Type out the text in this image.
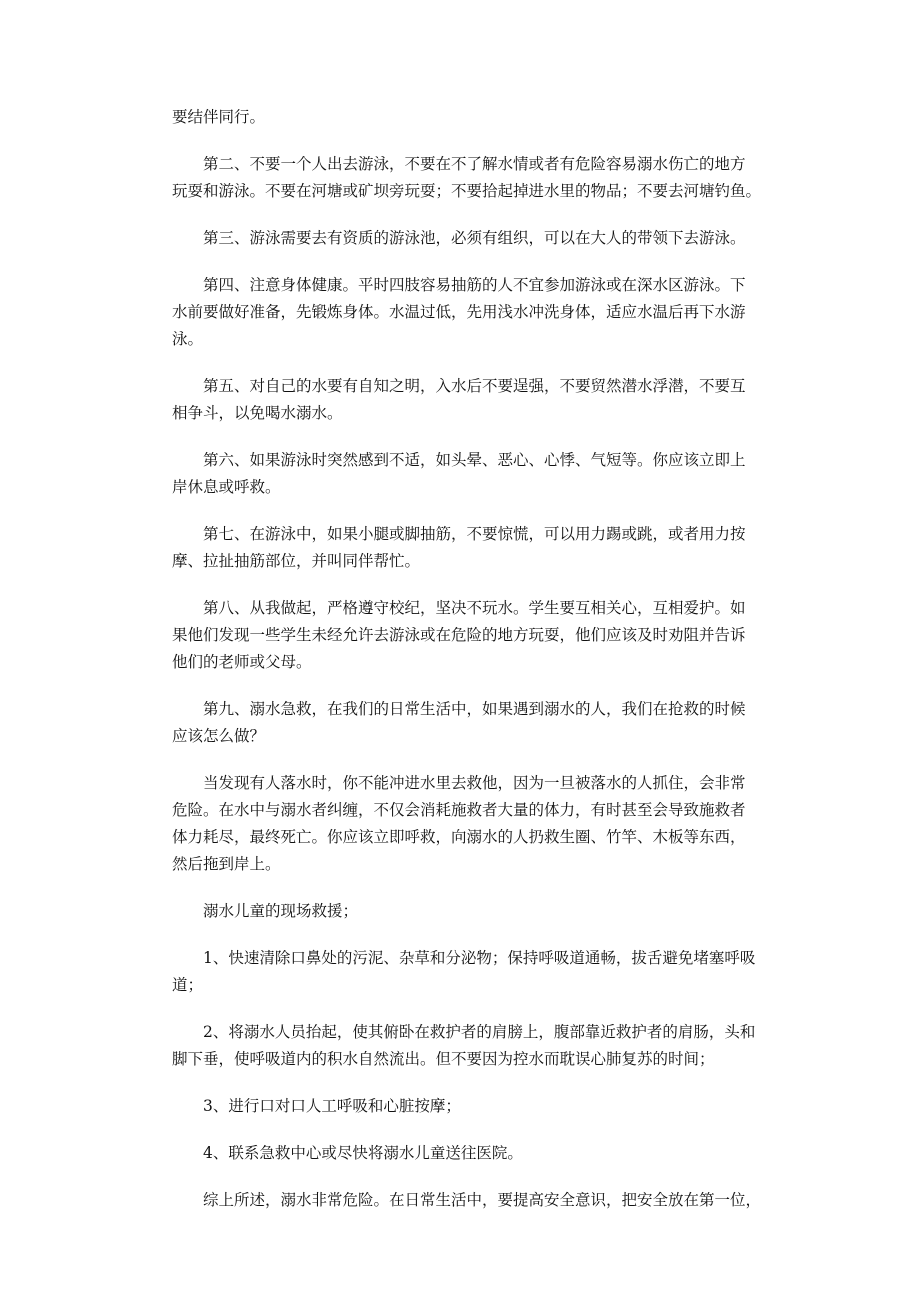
要结伴同行。

第二、不要一个人出去游泳，不要在不了解水情或者有危险容易溺水伤亡的地方
玩耍和游泳。不要在河塘或矿坝旁玩耍；不要拾起掉进水里的物品；不要去河塘钓鱼。

第三、游泳需要去有资质的游泳池，必须有组织，可以在大人的带领下去游泳。

第四、注意身体健康。平时四肢容易抽筋的人不宜参加游泳或在深水区游泳。下
水前要做好准备，先锻炼身体。水温过低，先用浅水冲洗身体，适应水温后再下水游
泳。

第五、对自己的水要有自知之明，入水后不要逞强，不要贸然潜水浮潜，不要互
相争斗，以免喝水溺水。

第六、如果游泳时突然感到不适，如头晕、恶心、心悸、气短等。你应该立即上
岸休息或呼救。

第七、在游泳中，如果小腿或脚抽筋，不要惊慌，可以用力踢或跳，或者用力按
摩、拉扯抽筋部位，并叫同伴帮忙。

第八、从我做起，严格遵守校纪，坚决不玩水。学生要互相关心，互相爱护。如
果他们发现一些学生未经允许去游泳或在危险的地方玩耍，他们应该及时劝阻并告诉
他们的老师或父母。

第九、溺水急救，在我们的日常生活中，如果遇到溺水的人，我们在抢救的时候
应该怎么做？

当发现有人落水时，你不能冲进水里去救他，因为一旦被落水的人抓住，会非常
危险。在水中与溺水者纠缠，不仅会消耗施救者大量的体力，有时甚至会导致施救者
体力耗尽，最终死亡。你应该立即呼救，向溺水的人扔救生圈、竹竿、木板等东西，
然后拖到岸上。

溺水儿童的现场救援；

1、快速清除口鼻处的污泥、杂草和分泌物；保持呼吸道通畅，拔舌避免堵塞呼吸
道；

2、将溺水人员抬起，使其俯卧在救护者的肩膀上，腹部靠近救护者的肩肠，头和
脚下垂，使呼吸道内的积水自然流出。但不要因为控水而耽误心肺复苏的时间；

3、进行口对口人工呼吸和心脏按摩；

4、联系急救中心或尽快将溺水儿童送往医院。

综上所述，溺水非常危险。在日常生活中，要提高安全意识，把安全放在第一位，
